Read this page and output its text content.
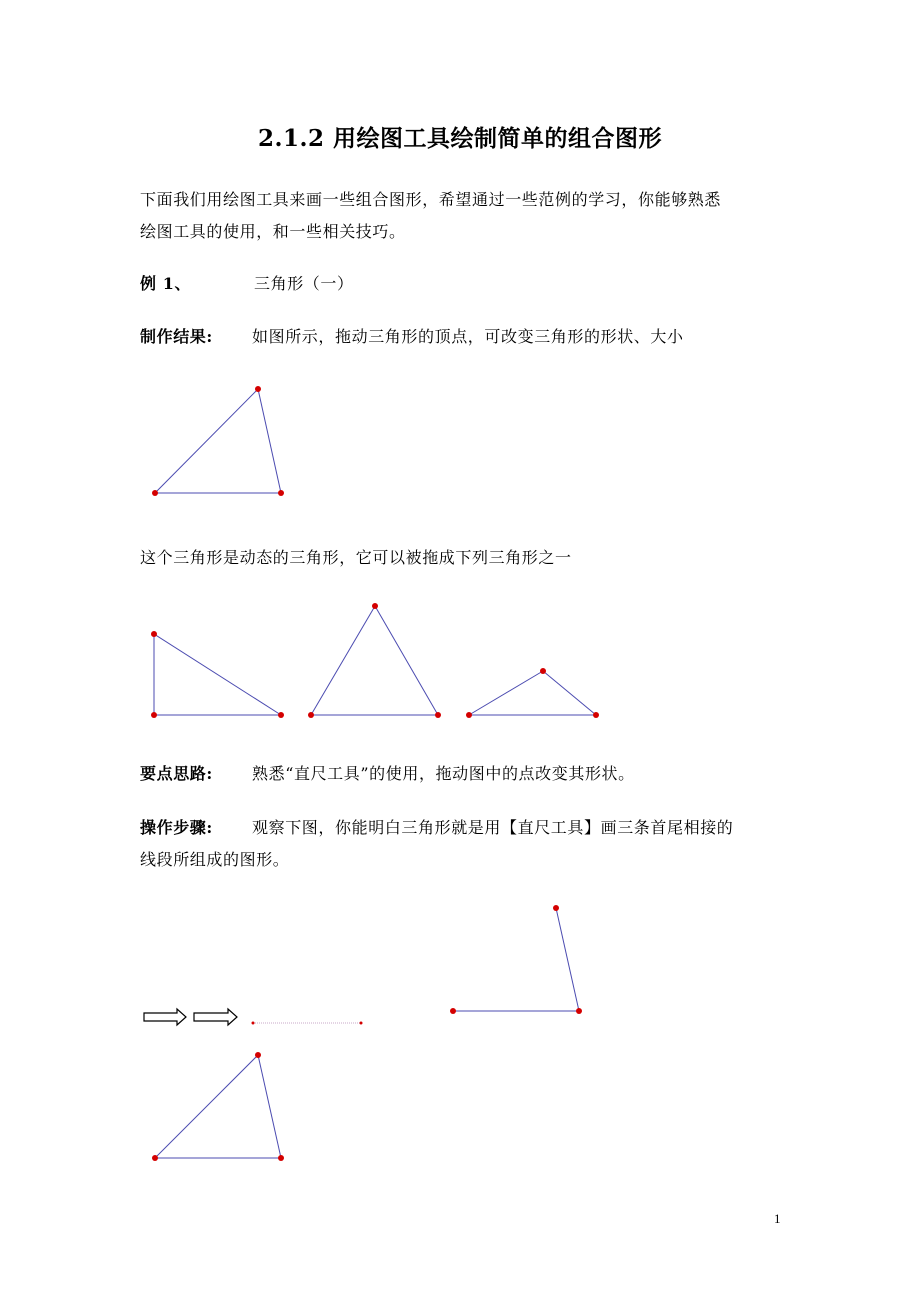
2.1.2 用绘图工具绘制简单的组合图形
下面我们用绘图工具来画一些组合图形，希望通过一些范例的学习，你能够熟悉
绘图工具的使用，和一些相关技巧。
例 1、	三角形（一）
制作结果: 如图所示，拖动三角形的顶点，可改变三角形的形状、大小
这个三角形是动态的三角形，它可以被拖成下列三角形之一
要点思路: 熟悉“直尺工具”的使用，拖动图中的点改变其形状。
操作步骤: 观察下图，你能明白三角形就是用【直尺工具】画三条首尾相接的
线段所组成的图形。
1
